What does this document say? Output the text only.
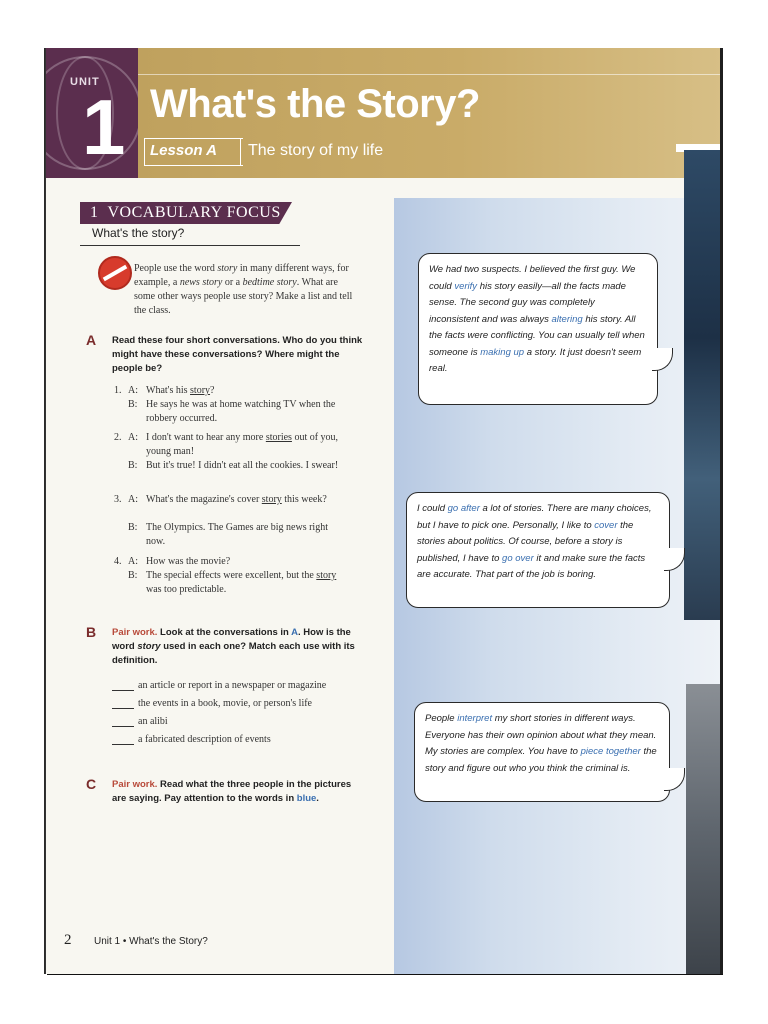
UNIT
1 What's the Story?
Lesson A The story of my life
1 VOCABULARY FOCUS
What's the story?
People use the word story in many different ways, for example, a news story or a bedtime story. What are some other ways people use story? Make a list and tell the class.
A Read these four short conversations. Who do you think might have these conversations? Where might the people be?
1. A: What's his story?
B: He says he was at home watching TV when the robbery occurred.
2. A: I don't want to hear any more stories out of you, young man!
B: But it's true! I didn't eat all the cookies. I swear!
3. A: What's the magazine's cover story this week?
B: The Olympics. The Games are big news right now.
4. A: How was the movie?
B: The special effects were excellent, but the story was too predictable.
B Pair work. Look at the conversations in A. How is the word story used in each one? Match each use with its definition.
an article or report in a newspaper or magazine
the events in a book, movie, or person's life
an alibi
a fabricated description of events
C Pair work. Read what the three people in the pictures are saying. Pay attention to the words in blue.
We had two suspects. I believed the first guy. We could verify his story easily—all the facts made sense. The second guy was completely inconsistent and was always altering his story. All the facts were conflicting. You can usually tell when someone is making up a story. It just doesn't seem real.
I could go after a lot of stories. There are many choices, but I have to pick one. Personally, I like to cover the stories about politics. Of course, before a story is published, I have to go over it and make sure the facts are accurate. That part of the job is boring.
People interpret my short stories in different ways. Everyone has their own opinion about what they mean. My stories are complex. You have to piece together the story and figure out who you think the criminal is.
2 Unit 1 • What's the Story?
